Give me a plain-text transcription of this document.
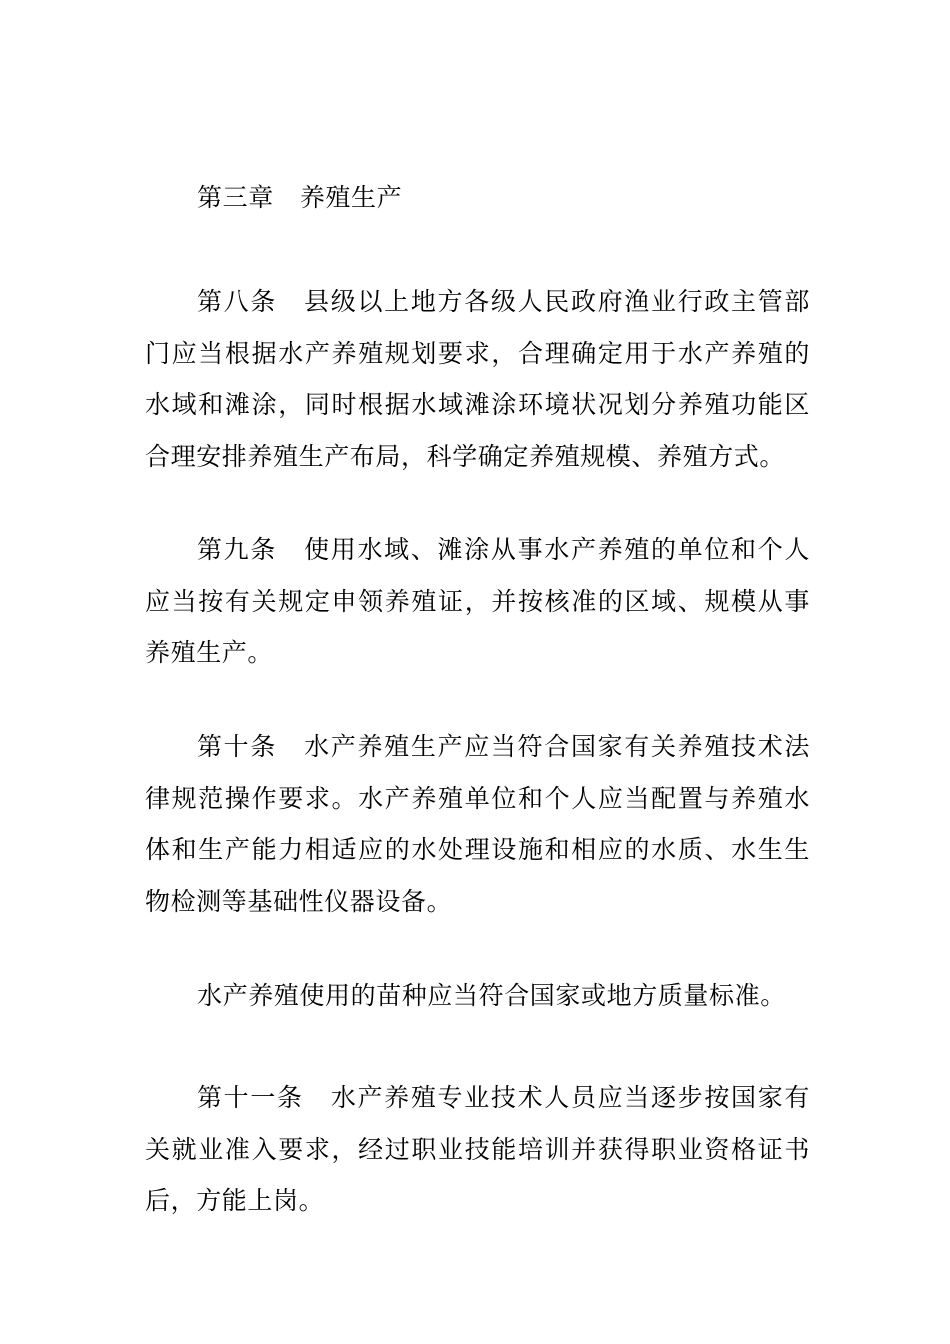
第三章 养殖生产

第八条 县级以上地方各级人民政府渔业行政主管部门应当根据水产养殖规划要求，合理确定用于水产养殖的水域和滩涂，同时根据水域滩涂环境状况划分养殖功能区合理安排养殖生产布局，科学确定养殖规模、养殖方式。

第九条 使用水域、滩涂从事水产养殖的单位和个人应当按有关规定申领养殖证，并按核准的区域、规模从事养殖生产。

第十条 水产养殖生产应当符合国家有关养殖技术法律规范操作要求。水产养殖单位和个人应当配置与养殖水体和生产能力相适应的水处理设施和相应的水质、水生生物检测等基础性仪器设备。

水产养殖使用的苗种应当符合国家或地方质量标准。

第十一条 水产养殖专业技术人员应当逐步按国家有关就业准入要求，经过职业技能培训并获得职业资格证书后，方能上岗。
